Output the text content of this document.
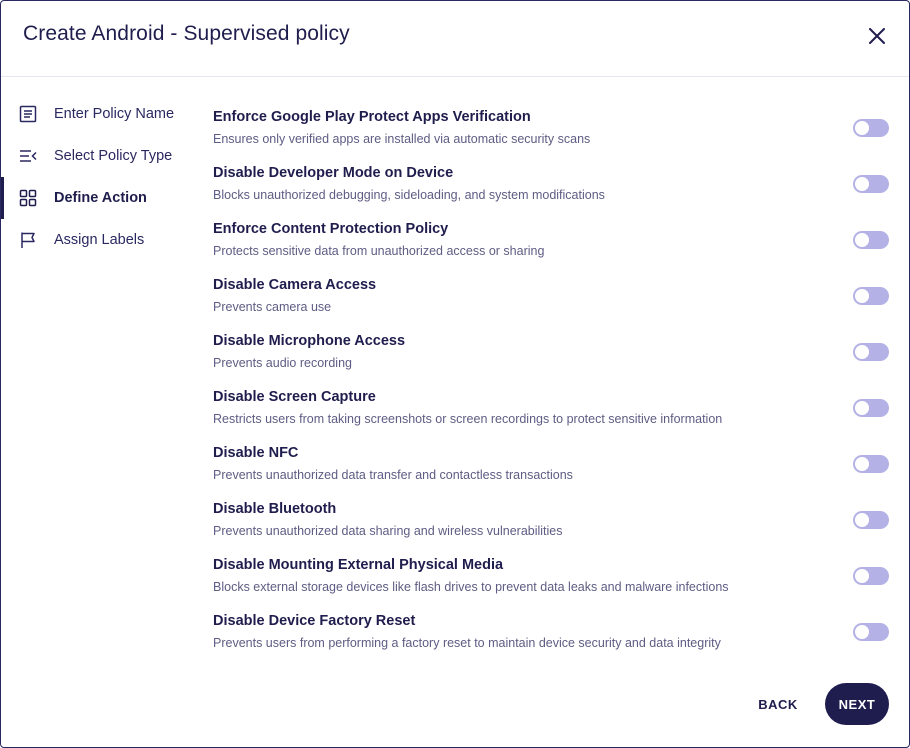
Create Android - Supervised policy
Enter Policy Name
Select Policy Type
Define Action
Assign Labels
Enforce Google Play Protect Apps Verification
Ensures only verified apps are installed via automatic security scans
Disable Developer Mode on Device
Blocks unauthorized debugging, sideloading, and system modifications
Enforce Content Protection Policy
Protects sensitive data from unauthorized access or sharing
Disable Camera Access
Prevents camera use
Disable Microphone Access
Prevents audio recording
Disable Screen Capture
Restricts users from taking screenshots or screen recordings to protect sensitive information
Disable NFC
Prevents unauthorized data transfer and contactless transactions
Disable Bluetooth
Prevents unauthorized data sharing and wireless vulnerabilities
Disable Mounting External Physical Media
Blocks external storage devices like flash drives to prevent data leaks and malware infections
Disable Device Factory Reset
Prevents users from performing a factory reset to maintain device security and data integrity
BACK	NEXT
